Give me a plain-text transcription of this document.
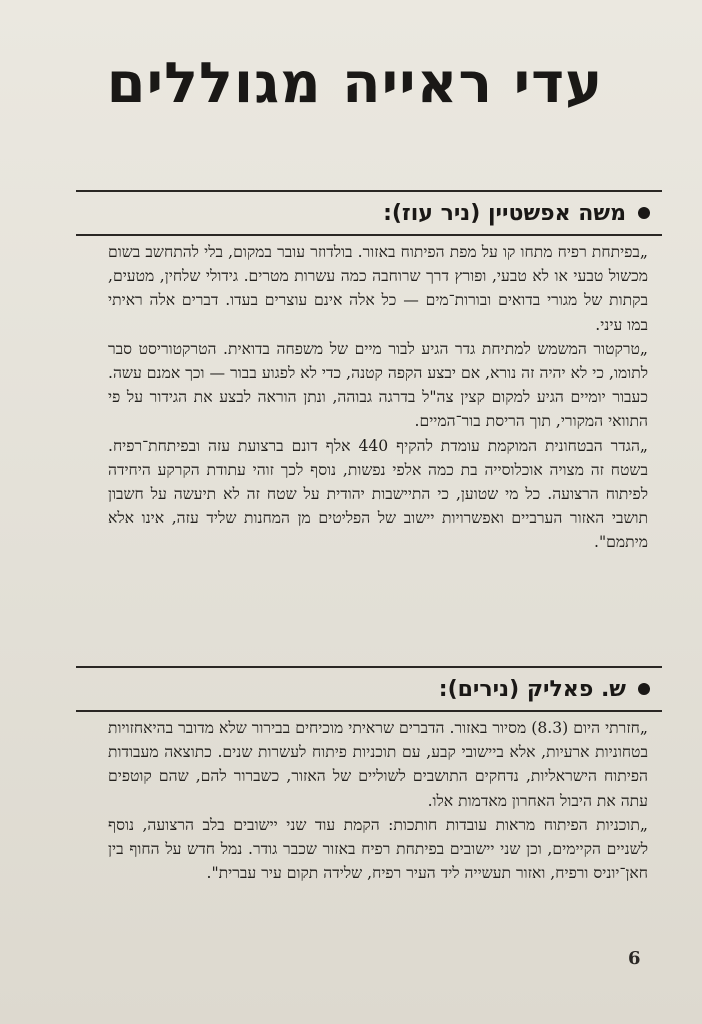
עדי ראייה מגוללים
משה אפשטיין (ניר עוז):

„בפיתחת רפיח מתחו קו על מפת הפיתוח באזור. בולדוזר עובר במקום, בלי להתחשב בשום מכשול טבעי או לא טבעי, ופורץ דרך שרוחבה כמה עשרות מטרים. גידולי שלחין, מטעים, בקתות של מגורי בדואים ובורות־מים — כל אלה אינם עוצרים בעדו. דברים אלה ראיתי במו עיני.

„טרקטור המשמש למתיחת גדר הגיע לבור מיים של משפחה בדואית. הטרקטוריסט סבר לתומו, כי לא יהיה זה נורא, אם יבצע הקפה קטנה, כדי לא לפגוע בבור — וכך אמנם עשה. כעבור יומיים הגיע למקום קצין צה"ל בדרגה גבוהה, ונתן הוראה לבצע את הגידור על פי התוואי המקורי, תוך הריסת בור־המיים.

„הגדר הבטחונית המוקמת עומדת להקיף 440 אלף דונם ברצועת עזה ובפיתחת־רפיח. בשטח זה מצויה אוכלוסייה בת כמה אלפי נפשות, נוסף לכך זוהי עתודת הקרקע היחידה לפיתוח הרצועה. כל מי שטוען, כי התיישבות יהודית על שטח זה לא תיעשה על חשבון תושבי האזור הערביים ואפשרויות יישוב של הפליטים מן המחנות שליד עזה, אינו אלא מיתמם".

ש. פאליק (נירים):

„חזרתי היום (8.3) מסיור באזור. הדברים שראיתי מוכיחים בבירור שלא מדובר בהיאחזויות בטחוניות ארעיות, אלא ביישובי קבע, עם תוכניות פיתוח לעשרות שנים. כתוצאה מעבודות הפיתוח הישראליות, נדחקים התושבים לשוליים של האזור, כשברור להם, שהם קוטפים עתה את היבול האחרון מאדמות אלו.

„תוכניות הפיתוח מראות עובדות חותכות: הקמת עוד שני יישובים בלב הרצועה, נוסף לשניים הקיימים, וכן שני יישובים בפיתחת רפיח באזור שכבר גודר. נמל חדש על החוף בין חאן־יוניס ורפיח, ואזור תעשייה ליד העיר רפיח, שלידה תקום עיר עברית".

6
